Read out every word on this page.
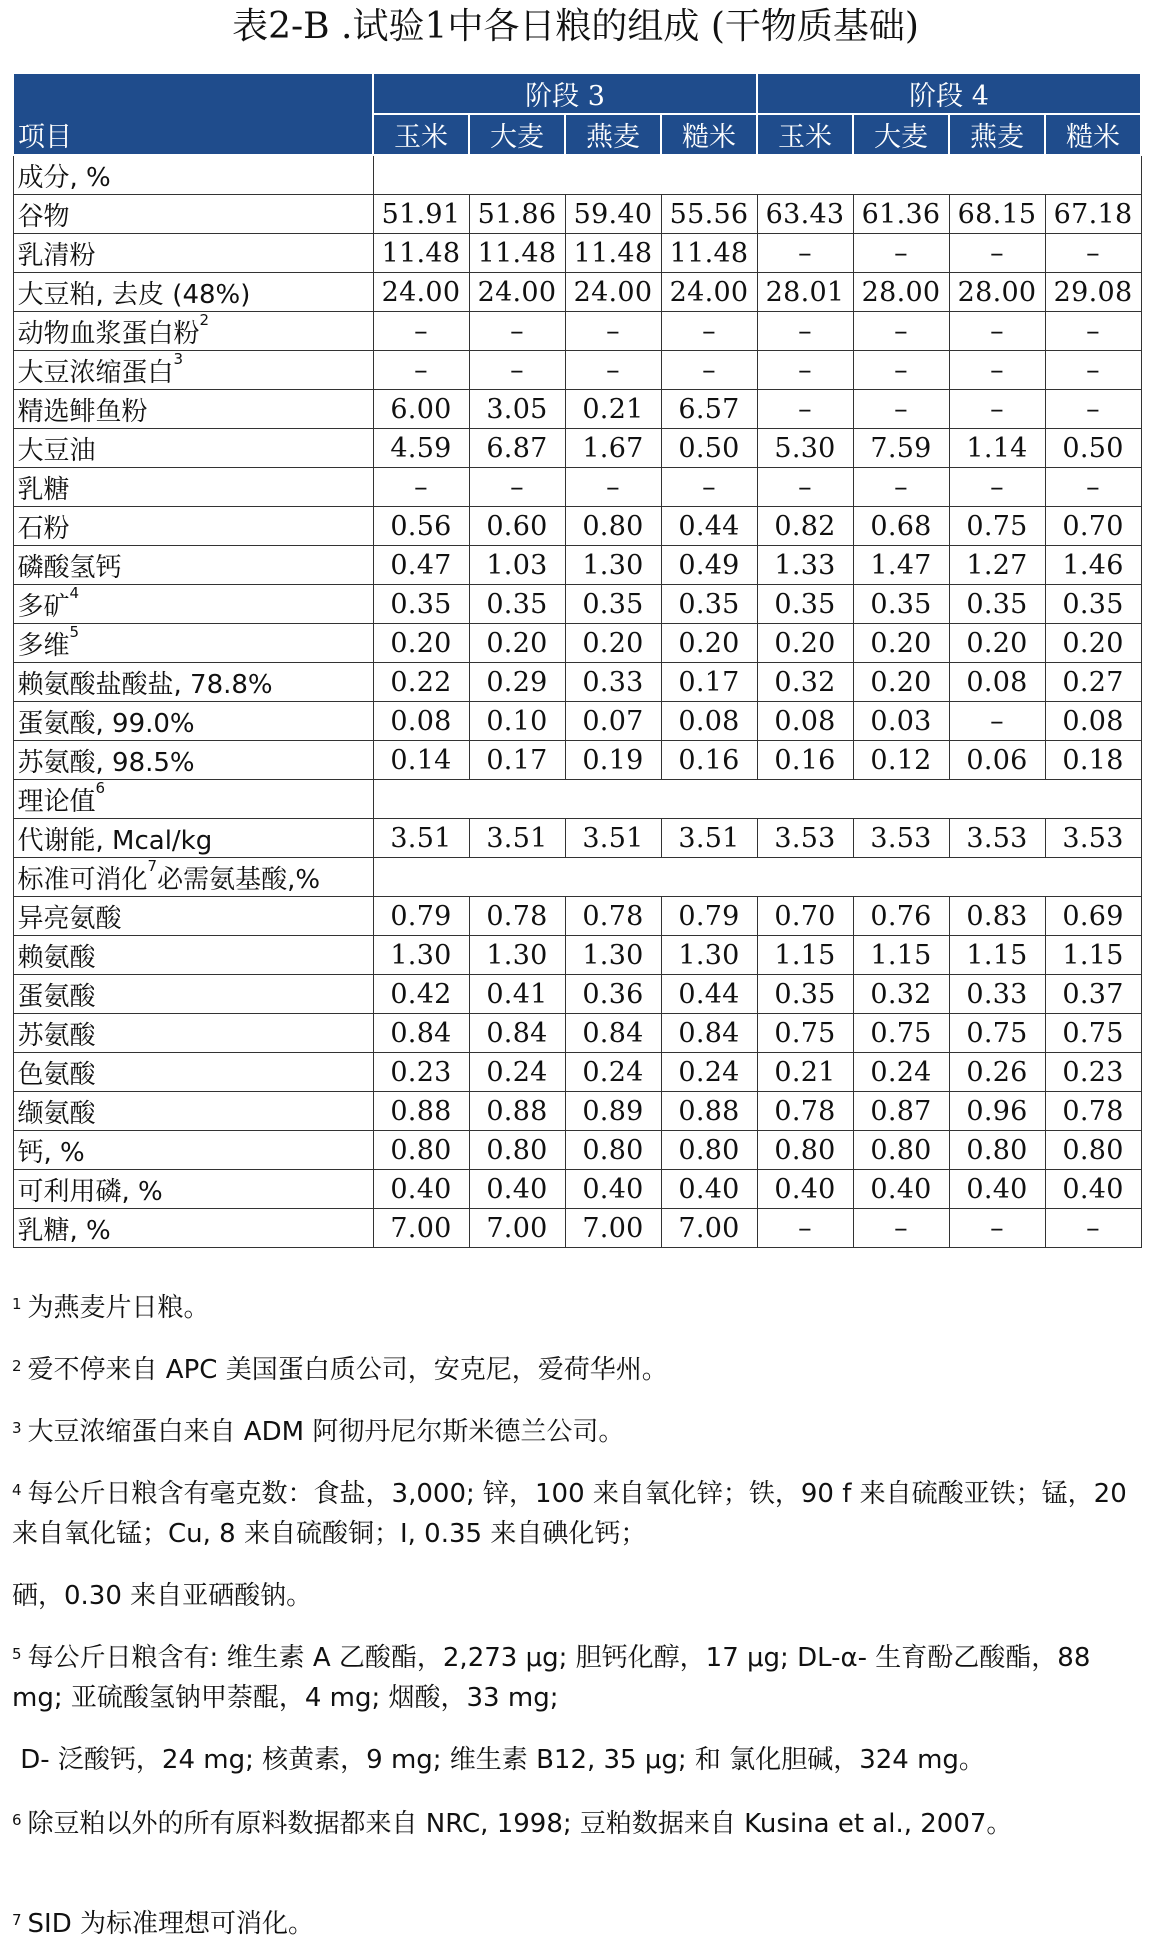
表2-B .试验1中各日粮的组成 (干物质基础)
项目	阶段 3				阶段 4			
	玉米	大麦	燕麦	糙米	玉米	大麦	燕麦	糙米
成分, %								
谷物	51.91	51.86	59.40	55.56	63.43	61.36	68.15	67.18
乳清粉	11.48	11.48	11.48	11.48	–	–	–	–
大豆粕, 去皮 (48%)	24.00	24.00	24.00	24.00	28.01	28.00	28.00	29.08
动物血浆蛋白粉$^2$	–	–	–	–	–	–	–	–
大豆浓缩蛋白$^3$	–	–	–	–	–	–	–	–
精选鲱鱼粉	6.00	3.05	0.21	6.57	–	–	–	–
大豆油	4.59	6.87	1.67	0.50	5.30	7.59	1.14	0.50
乳糖	–	–	–	–	–	–	–	–
石粉	0.56	0.60	0.80	0.44	0.82	0.68	0.75	0.70
磷酸氢钙	0.47	1.03	1.30	0.49	1.33	1.47	1.27	1.46
多矿$^4$	0.35	0.35	0.35	0.35	0.35	0.35	0.35	0.35
多维$^5$	0.20	0.20	0.20	0.20	0.20	0.20	0.20	0.20
赖氨酸盐酸盐, 78.8%	0.22	0.29	0.33	0.17	0.32	0.20	0.08	0.27
蛋氨酸, 99.0%	0.08	0.10	0.07	0.08	0.08	0.03	–	0.08
苏氨酸, 98.5%	0.14	0.17	0.19	0.16	0.16	0.12	0.06	0.18
理论值$^6$	
代谢能, Mcal/kg	3.51	3.51	3.51	3.51	3.53	3.53	3.53	3.53
标准可消化$^7$必需氨基酸,%								
异亮氨酸	0.79	0.78	0.78	0.79	0.70	0.76	0.83	0.69
赖氨酸	1.30	1.30	1.30	1.30	1.15	1.15	1.15	1.15
蛋氨酸	0.42	0.41	0.36	0.44	0.35	0.32	0.33	0.37
苏氨酸	0.84	0.84	0.84	0.84	0.75	0.75	0.75	0.75
色氨酸	0.23	0.24	0.24	0.24	0.21	0.24	0.26	0.23
缬氨酸	0.88	0.88	0.89	0.88	0.78	0.87	0.96	0.78
钙, %	0.80	0.80	0.80	0.80	0.80	0.80	0.80	0.80
可利用磷, %	0.40	0.40	0.40	0.40	0.40	0.40	0.40	0.40
乳糖, %	7.00	7.00	7.00	7.00	–	–	–	–

$^1$ 为燕麦片日粮。

$^2$ 爱不停来自 APC 美国蛋白质公司，安克尼，爱荷华州。

$^3$ 大豆浓缩蛋白来自 ADM 阿彻丹尼尔斯米德兰公司。

$^4$ 每公斤日粮含有毫克数：食盐，3,000; 锌，100 来自氧化锌；铁，90 f 来自硫酸亚铁；锰，20 来自氧化锰；Cu, 8 来自硫酸铜；I, 0.35 来自碘化钙；

硒，0.30 来自亚硒酸钠。

$^5$ 每公斤日粮含有: 维生素 A 乙酸酯，2,273 μg; 胆钙化醇，17 μg; DL-α- 生育酚乙酸酯，88 mg; 亚硫酸氢钠甲萘醌，4 mg; 烟酸，33 mg;

D- 泛酸钙，24 mg; 核黄素，9 mg; 维生素 B12, 35 μg; 和 氯化胆碱，324 mg。

$^6$ 除豆粕以外的所有原料数据都来自 NRC, 1998; 豆粕数据来自 Kusina et al., 2007。

$^7$ SID 为标准理想可消化。
